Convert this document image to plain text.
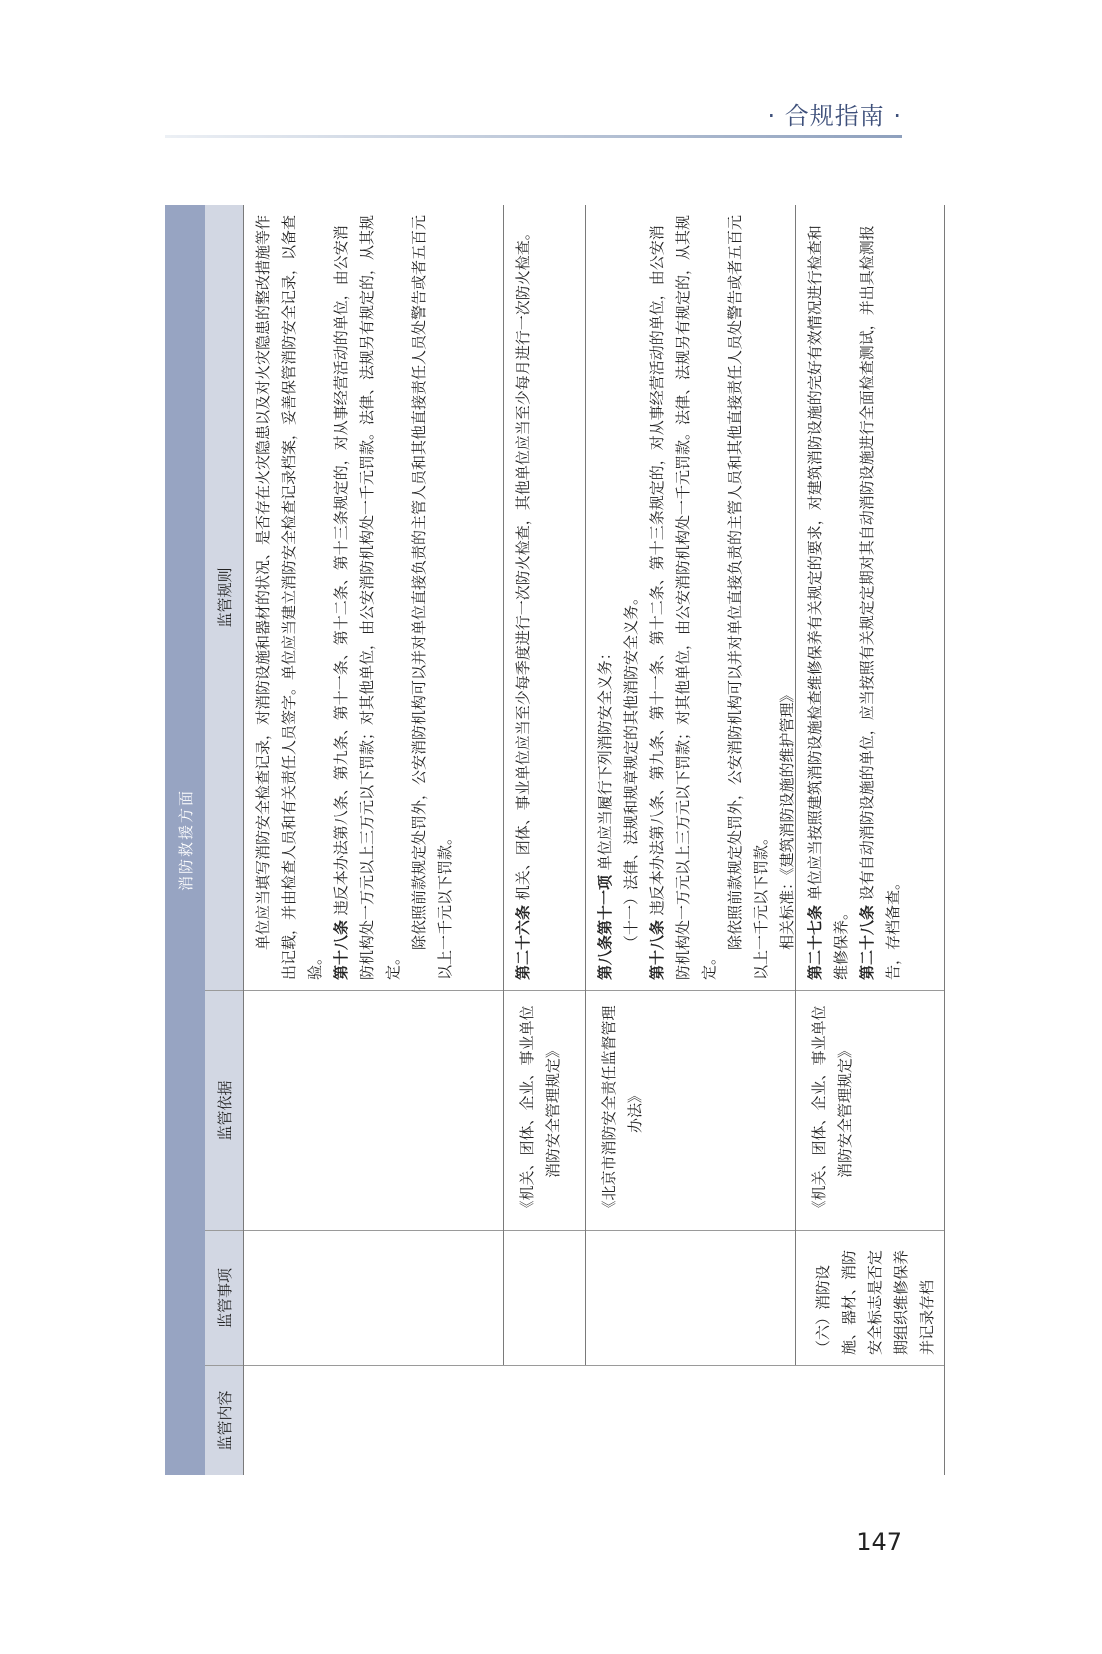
· 合规指南 ·
消防救援方面
监管内容
监管事项
监管依据
监管规则	单位应当填写消防安全检查记录，对消防设施和器材的状况、是否存在火灾隐患以及对火灾隐患的整改措施等作出记载，并由检查人员和有关责任人员签字。单位应当建立消防安全检查记录档案，妥善保管消防安全记录，以备查验。 第十八条 违反本办法第八条、第九条、第十一条、第十二条、第十三条规定的，对从事经营活动的单位，由公安消防机构处一万元以上三万元以下罚款；对其他单位，由公安消防机构处一千元罚款。法律、法规另有规定的，从其规定。

除依照前款规定处罚外，公安消防机构可以并对单位直接负责的主管人员和其他直接责任人员处警告或者五百元以上一千元以下罚款。

《机关、团体、企业、事业单位消防安全管理规定》

第二十六条 机关、团体、事业单位应当至少每季度进行一次防火检查，其他单位应当至少每月进行一次防火检查。

《北京市消防安全责任监督管理办法》

第八条第十一项 单位应当履行下列消防安全义务： （十一）法律、法规和规章规定的其他消防安全义务。 第十八条 违反本办法第八条、第九条、第十一条、第十二条、第十三条规定的，对从事经营活动的单位，由公安消防机构处一万元以上三万元以下罚款；对其他单位，由公安消防机构处一千元罚款。法律、法规另有规定的，从其规定。

除依照前款规定处罚外，公安消防机构可以并对单位直接负责的主管人员和其他直接责任人员处警告或者五百元以上一千元以下罚款。 相关标准：《建筑消防设施的维护管理》

（六）消防设施、器材、消防安全标志是否定期组织维修保养并记录存档
《机关、团体、企业、事业单位消防安全管理规定》

第二十七条 单位应当按照建筑消防设施检查维修保养有关规定的要求，对建筑消防设施的完好有效情况进行检查和维修保养。 第二十八条 设有自动消防设施的单位，应当按照有关规定定期对其自动消防设施进行全面检查测试，并出具检测报告，存档备查。

147
